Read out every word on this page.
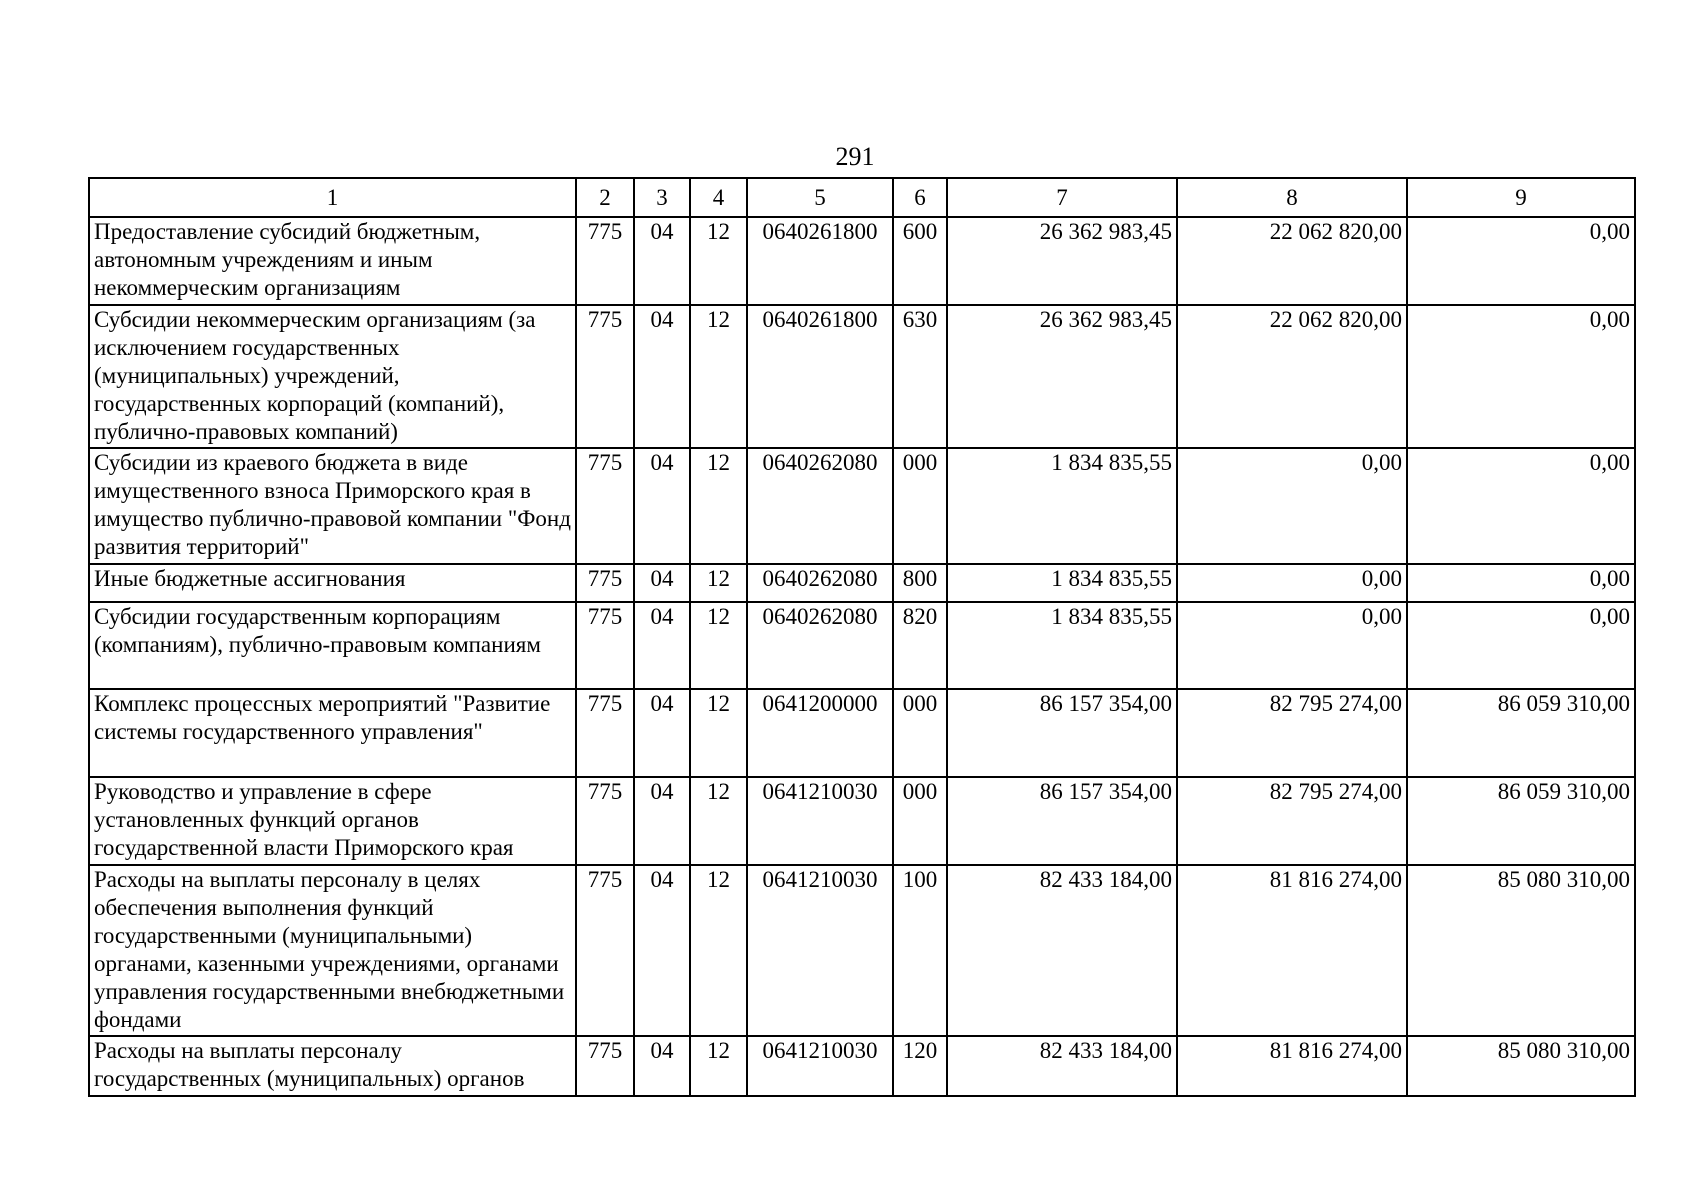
291
1	2	3	4	5	6	7	8	9
Предоставление субсидий бюджетным, автономным учреждениям и иным некоммерческим организациям	775	04	12	0640261800	600	26 362 983,45	22 062 820,00	0,00
Субсидии некоммерческим организациям (за исключением государственных (муниципальных) учреждений, государственных корпораций (компаний), публично-правовых компаний)	775	04	12	0640261800	630	26 362 983,45	22 062 820,00	0,00
Субсидии из краевого бюджета в виде имущественного взноса Приморского края в имущество публично-правовой компании "Фонд развития территорий"	775	04	12	0640262080	000	1 834 835,55	0,00	0,00
Иные бюджетные ассигнования	775	04	12	0640262080	800	1 834 835,55	0,00	0,00
Субсидии государственным корпорациям (компаниям), публично-правовым компаниям	775	04	12	0640262080	820	1 834 835,55	0,00	0,00
Комплекс процессных мероприятий "Развитие системы государственного управления"	775	04	12	0641200000	000	86 157 354,00	82 795 274,00	86 059 310,00
Руководство и управление в сфере установленных функций органов государственной власти Приморского края	775	04	12	0641210030	000	86 157 354,00	82 795 274,00	86 059 310,00
Расходы на выплаты персоналу в целях обеспечения выполнения функций государственными (муниципальными) органами, казенными учреждениями, органами управления государственными внебюджетными фондами	775	04	12	0641210030	100	82 433 184,00	81 816 274,00	85 080 310,00
Расходы на выплаты персоналу государственных (муниципальных) органов	775	04	12	0641210030	120	82 433 184,00	81 816 274,00	85 080 310,00
